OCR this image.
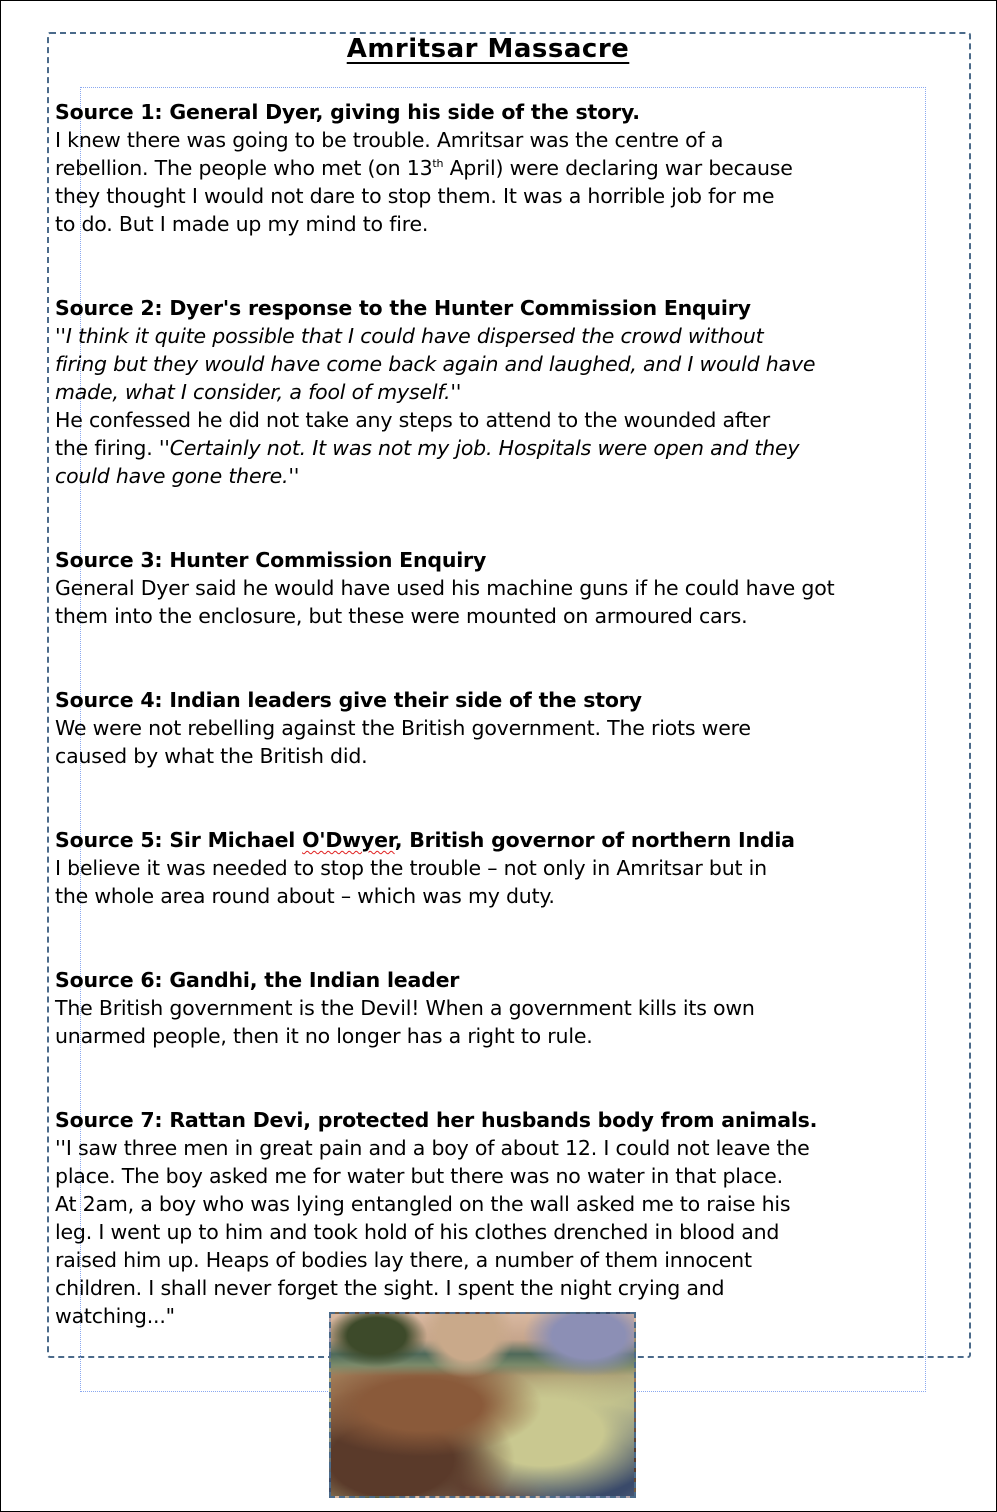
Amritsar Massacre
Source 1: General Dyer, giving his side of the story.
I knew there was going to be trouble. Amritsar was the centre of a
rebellion. The people who met (on 13th April) were declaring war because
they thought I would not dare to stop them. It was a horrible job for me
to do. But I made up my mind to fire.
Source 2: Dyer's response to the Hunter Commission Enquiry
''I think it quite possible that I could have dispersed the crowd without
firing but they would have come back again and laughed, and I would have
made, what I consider, a fool of myself.''
He confessed he did not take any steps to attend to the wounded after
the firing. ''Certainly not. It was not my job. Hospitals were open and they
could have gone there.''
Source 3: Hunter Commission Enquiry
General Dyer said he would have used his machine guns if he could have got
them into the enclosure, but these were mounted on armoured cars.
Source 4: Indian leaders give their side of the story
We were not rebelling against the British government. The riots were
caused by what the British did.
Source 5: Sir Michael O'Dwyer, British governor of northern India
I believe it was needed to stop the trouble – not only in Amritsar but in
the whole area round about – which was my duty.
Source 6: Gandhi, the Indian leader
The British government is the Devil! When a government kills its own
unarmed people, then it no longer has a right to rule.
Source 7: Rattan Devi, protected her husbands body from animals.
''I saw three men in great pain and a boy of about 12. I could not leave the
place. The boy asked me for water but there was no water in that place.
At 2am, a boy who was lying entangled on the wall asked me to raise his
leg. I went up to him and took hold of his clothes drenched in blood and
raised him up. Heaps of bodies lay there, a number of them innocent
children. I shall never forget the sight. I spent the night crying and
watching..."
